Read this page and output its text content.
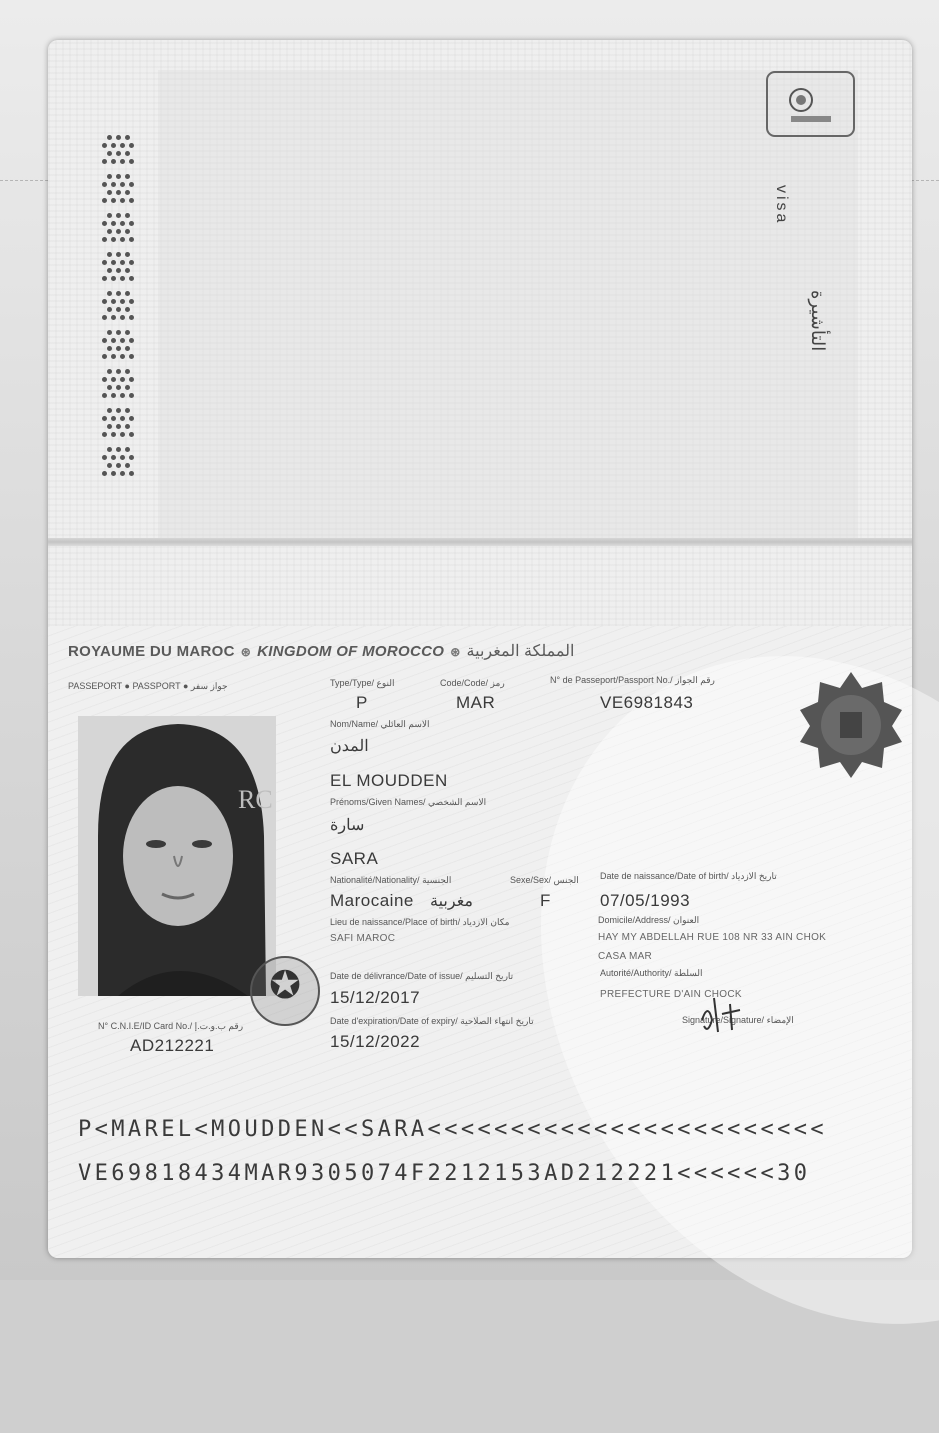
visa
التأشيرة
ROYAUME DU MAROC ⊛ KINGDOM OF MOROCCO ⊛ المملكة المغربية
PASSEPORT ● PASSPORT ● جواز سفر	Type/Type/ النوع	Code/Code/ رمز	N° de Passeport/Passport No./ رقم الجواز
P	MAR	VE6981843
Nom/Name/ الاسم العائلي
المدن
EL MOUDDEN
Prénoms/Given Names/ الاسم الشخصي
سارة
SARA
Nationalité/Nationality/ الجنسية	Sexe/Sex/ الجنس Date de naissance/Date of birth/ تاريخ الازدياد
Marocaine مغربية	F	07/05/1993
Lieu de naissance/Place of birth/ مكان الازدياد
SAFI MAROC
Domicile/Address/ العنوان
HAY MY ABDELLAH RUE 108 NR 33 AIN CHOK
CASA MAR
Date de délivrance/Date of issue/ تاريخ التسليم	Autorité/Authority/ السلطة
15/12/2017	PREFECTURE D'AIN CHOCK
Date d'expiration/Date of expiry/ تاريخ انتهاء الصلاحية	Signature/Signature/ الإمضاء
15/12/2022
N° C.N.I.E/ID Card No./ رقم ب.و.ت.إ
AD212221
RC
✪
P<MAREL<MOUDDEN<<SARA<<<<<<<<<<<<<<<<<<<<<<<<
VE69818434MAR9305074F2212153AD212221<<<<<<30
